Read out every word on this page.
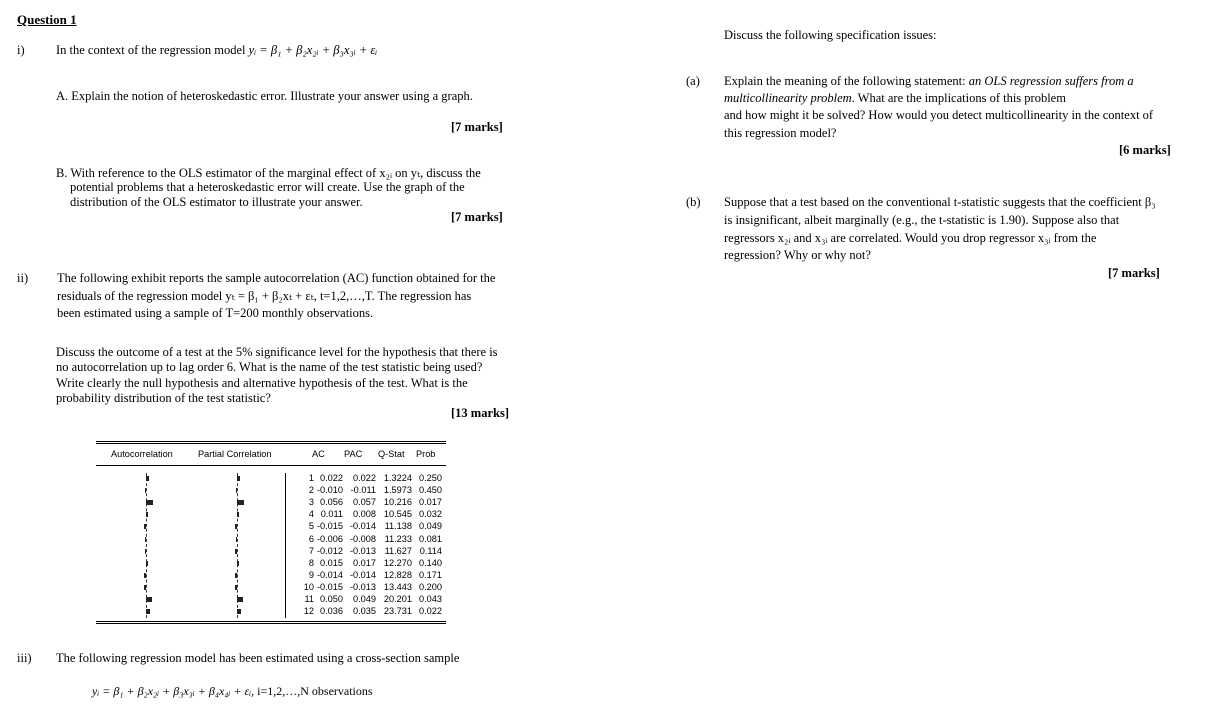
Question 1
i)	In the context of the regression model yᵢ = β₁ + β₂x₂ᵢ + β₃x₃ᵢ + εᵢ
A. Explain the notion of heteroskedastic error. Illustrate your answer using a graph.
[7 marks]
B. With reference to the OLS estimator of the marginal effect of x₂ᵢ on yₜ, discuss the
potential problems that a heteroskedastic error will create. Use the graph of the
distribution of the OLS estimator to illustrate your answer.
[7 marks]
ii) The following exhibit reports the sample autocorrelation (AC) function obtained for the
residuals of the regression model yₜ = β₁ + β₂xₜ + εₜ, t=1,2,…,T. The regression has
been estimated using a sample of T=200 monthly observations.
Discuss the outcome of a test at the 5% significance level for the hypothesis that there is
no autocorrelation up to lag order 6. What is the name of the test statistic being used?
Write clearly the null hypothesis and alternative hypothesis of the test. What is the
probability distribution of the test statistic?
[13 marks]
Autocorrelation	Partial Correlation	AC PAC Q-Stat Prob
1 0.022	0.022 1.3224 0.250
2 -0.010 -0.011 1.5973 0.450
3 0.056	0.057 10.216 0.017
4 0.011	0.008 10.545 0.032
5 -0.015 -0.014 11.138 0.049
6 -0.006 -0.008 11.233 0.081
7 -0.012 -0.013 11.627 0.114
8 0.015	0.017 12.270 0.140
9 -0.014 -0.014 12.828 0.171
10 -0.015 -0.013 13.443 0.200
11 0.050	0.049 20.201 0.043
12 0.036	0.035 23.731 0.022
iii) The following regression model has been estimated using a cross-section sample
yᵢ = β₁ + β₂x₂ᵢ + β₃x₃ᵢ + β₄x₄ᵢ + εᵢ, i=1,2,…,N observations
Discuss the following specification issues:
(a) Explain the meaning of the following statement: an OLS regression suffers from a
multicollinearity problem. What are the implications of this problem
and how might it be solved? How would you detect multicollinearity in the context of
this regression model?
[6 marks]
(b) Suppose that a test based on the conventional t-statistic suggests that the coefficient β₃
is insignificant, albeit marginally (e.g., the t-statistic is 1.90). Suppose also that
regressors x₂ᵢ and x₃ᵢ are correlated. Would you drop regressor x₃ᵢ from the
regression? Why or why not?
[7 marks]
